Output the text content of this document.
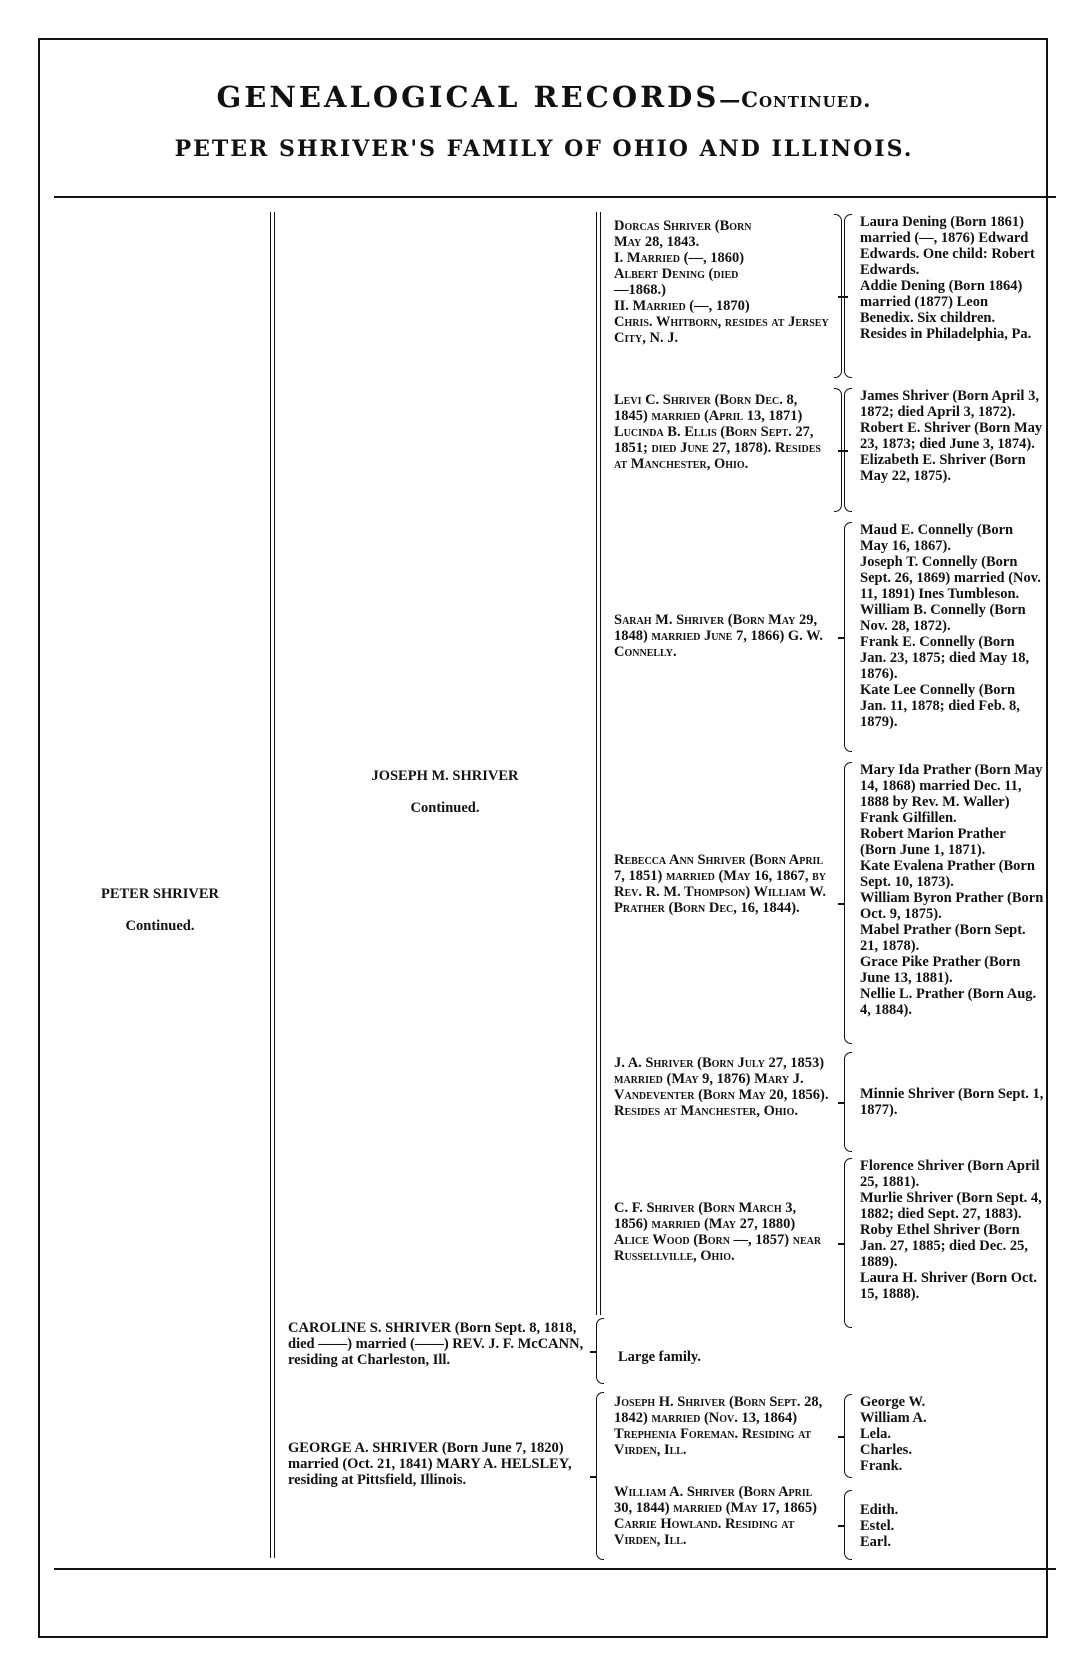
GENEALOGICAL RECORDS—Continued.
PETER SHRIVER'S FAMILY OF OHIO AND ILLINOIS.

PETER SHRIVER

Continued.

JOSEPH M. SHRIVER

Continued.

CAROLINE S. SHRIVER (Born Sept. 8, 1818, died ——) married (——) REV. J. F. McCANN, residing at Charleston, Ill.
GEORGE A. SHRIVER (Born June 7, 1820) married (Oct. 21, 1841) MARY A. HELSLEY, residing at Pittsfield, Illinois.
Dorcas Shriver (Born
May 28, 1843.
I. Married (—, 1860)
Albert Dening (died
—1868.)
II. Married (—, 1870)
Chris. Whitborn, resides at Jersey City, N. J.
Levi C. Shriver (Born Dec. 8, 1845) married (April 13, 1871) Lucinda B. Ellis (Born Sept. 27, 1851; died June 27, 1878). Resides at Manchester, Ohio.
Sarah M. Shriver (Born May 29, 1848) married June 7, 1866) G. W. Connelly.
Rebecca Ann Shriver (Born April 7, 1851) married (May 16, 1867, by Rev. R. M. Thompson) William W. Prather (Born Dec, 16, 1844).
J. A. Shriver (Born July 27, 1853) married (May 9, 1876) Mary J. Vandeventer (Born May 20, 1856). Resides at Manchester, Ohio.
C. F. Shriver (Born March 3, 1856) married (May 27, 1880) Alice Wood (Born —, 1857) near Russellville, Ohio.
Large family.
Joseph H. Shriver (Born Sept. 28, 1842) married (Nov. 13, 1864) Trephenia Foreman. Residing at Virden, Ill.
William A. Shriver (Born April 30, 1844) married (May 17, 1865) Carrie Howland. Residing at Virden, Ill.
Laura Dening (Born 1861) married (—, 1876) Edward Edwards. One child: Robert Edwards.
Addie Dening (Born 1864) married (1877) Leon Benedix. Six children. Resides in Philadelphia, Pa.
James Shriver (Born April 3, 1872; died April 3, 1872).
Robert E. Shriver (Born May 23, 1873; died June 3, 1874).
Elizabeth E. Shriver (Born May 22, 1875).
Maud E. Connelly (Born May 16, 1867).
Joseph T. Connelly (Born Sept. 26, 1869) married (Nov. 11, 1891) Ines Tumbleson.
William B. Connelly (Born Nov. 28, 1872).
Frank E. Connelly (Born Jan. 23, 1875; died May 18, 1876).
Kate Lee Connelly (Born Jan. 11, 1878; died Feb. 8, 1879).
Mary Ida Prather (Born May 14, 1868) married Dec. 11, 1888 by Rev. M. Waller) Frank Gilfillen.
Robert Marion Prather (Born June 1, 1871).
Kate Evalena Prather (Born Sept. 10, 1873).
William Byron Prather (Born Oct. 9, 1875).
Mabel Prather (Born Sept. 21, 1878).
Grace Pike Prather (Born June 13, 1881).
Nellie L. Prather (Born Aug. 4, 1884).
Minnie Shriver (Born Sept. 1, 1877).
Florence Shriver (Born April 25, 1881).
Murlie Shriver (Born Sept. 4, 1882; died Sept. 27, 1883).
Roby Ethel Shriver (Born Jan. 27, 1885; died Dec. 25, 1889).
Laura H. Shriver (Born Oct. 15, 1888).
George W.
William A.
Lela.
Charles.
Frank.
Edith.
Estel.
Earl.
